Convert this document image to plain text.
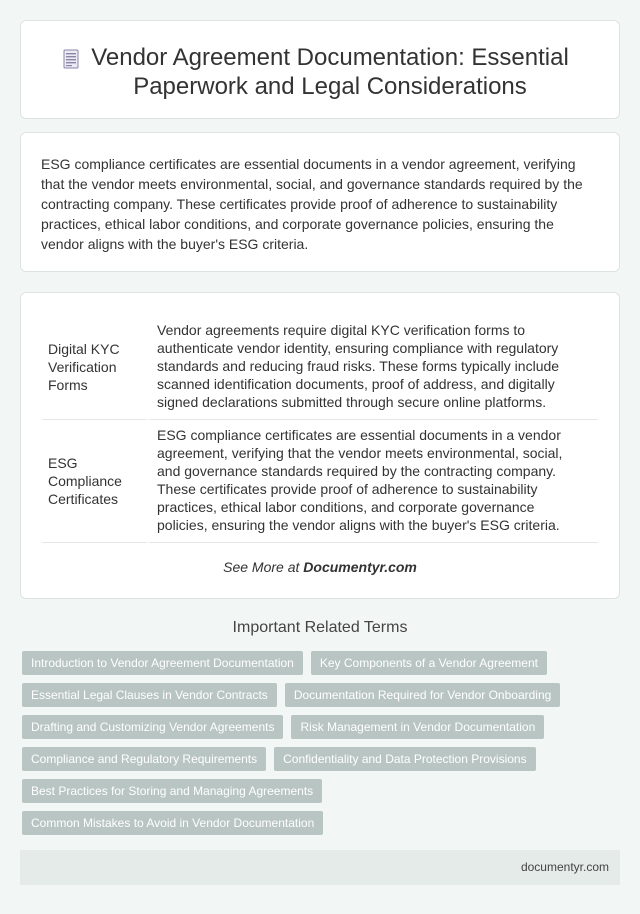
Vendor Agreement Documentation: Essential Paperwork and Legal Considerations

ESG compliance certificates are essential documents in a vendor agreement, verifying that the vendor meets environmental, social, and governance standards required by the contracting company. These certificates provide proof of adherence to sustainability practices, ethical labor conditions, and corporate governance policies, ensuring the vendor aligns with the buyer's ESG criteria.

Digital KYC Verification Forms	Vendor agreements require digital KYC verification forms to authenticate vendor identity, ensuring compliance with regulatory standards and reducing fraud risks. These forms typically include scanned identification documents, proof of address, and digitally signed declarations submitted through secure online platforms.
ESG Compliance Certificates	ESG compliance certificates are essential documents in a vendor agreement, verifying that the vendor meets environmental, social, and governance standards required by the contracting company. These certificates provide proof of adherence to sustainability practices, ethical labor conditions, and corporate governance policies, ensuring the vendor aligns with the buyer's ESG criteria.
See More at Documentyr.com
Important Related Terms
Introduction to Vendor Agreement Documentation	Key Components of a Vendor Agreement
Essential Legal Clauses in Vendor Contracts	Documentation Required for Vendor Onboarding
Drafting and Customizing Vendor Agreements	Risk Management in Vendor Documentation
Compliance and Regulatory Requirements	Confidentiality and Data Protection Provisions
Best Practices for Storing and Managing Agreements
Common Mistakes to Avoid in Vendor Documentation
documentyr.com
